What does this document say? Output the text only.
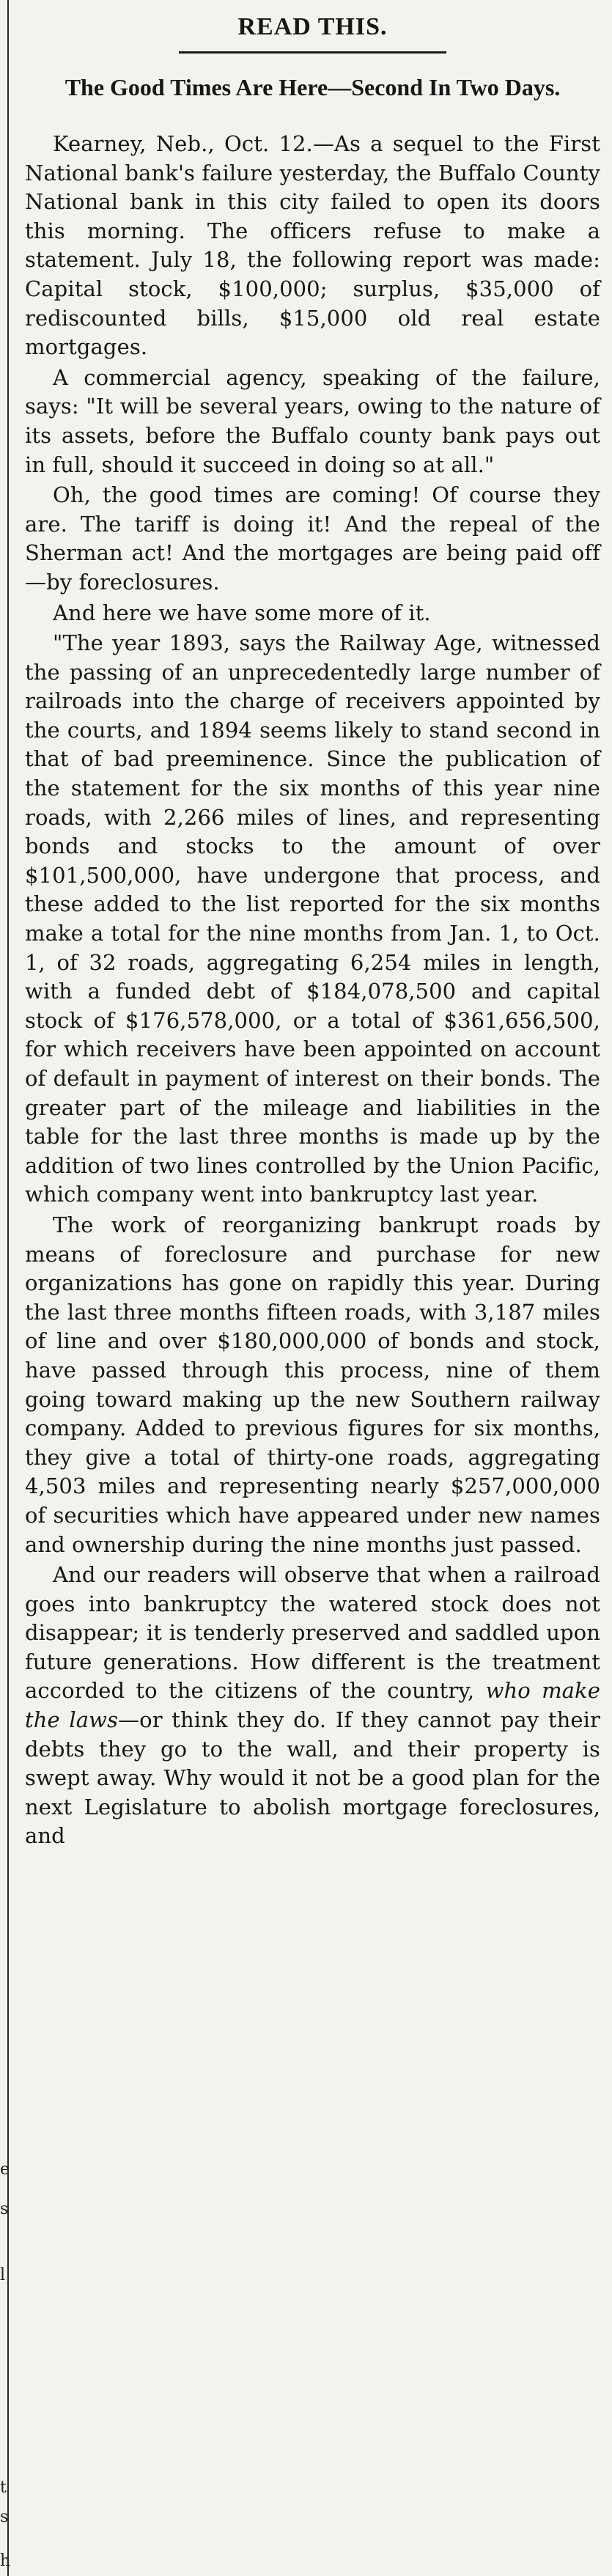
e
s
l
t
s
h
READ THIS.
The Good Times Are Here—Second In Two Days.

Kearney, Neb., Oct. 12.—As a sequel to the First National bank's failure yesterday, the Buffalo County National bank in this city failed to open its doors this morning. The officers refuse to make a statement. July 18, the following report was made: Capital stock, $100,000; surplus, $35,000 of rediscounted bills, $15,000 old real estate mortgages.

A commercial agency, speaking of the failure, says: "It will be several years, owing to the nature of its assets, before the Buffalo county bank pays out in full, should it succeed in doing so at all."

Oh, the good times are coming! Of course they are. The tariff is doing it! And the repeal of the Sherman act! And the mortgages are being paid off—by foreclosures.

And here we have some more of it.

"The year 1893, says the Railway Age, witnessed the passing of an unprecedentedly large number of railroads into the charge of receivers appointed by the courts, and 1894 seems likely to stand second in that of bad preeminence. Since the publication of the statement for the six months of this year nine roads, with 2,266 miles of lines, and representing bonds and stocks to the amount of over $101,500,000, have undergone that process, and these added to the list reported for the six months make a total for the nine months from Jan. 1, to Oct. 1, of 32 roads, aggregating 6,254 miles in length, with a funded debt of $184,078,500 and capital stock of $176,578,000, or a total of $361,656,500, for which receivers have been appointed on account of default in payment of interest on their bonds. The greater part of the mileage and liabilities in the table for the last three months is made up by the addition of two lines controlled by the Union Pacific, which company went into bankruptcy last year.

The work of reorganizing bankrupt roads by means of foreclosure and purchase for new organizations has gone on rapidly this year. During the last three months fifteen roads, with 3,187 miles of line and over $180,000,000 of bonds and stock, have passed through this process, nine of them going toward making up the new Southern railway company. Added to previous figures for six months, they give a total of thirty-one roads, aggregating 4,503 miles and representing nearly $257,000,000 of securities which have appeared under new names and ownership during the nine months just passed.

And our readers will observe that when a railroad goes into bankruptcy the watered stock does not disappear; it is tenderly preserved and saddled upon future generations. How different is the treatment accorded to the citizens of the country, who make the laws—or think they do. If they cannot pay their debts they go to the wall, and their property is swept away. Why would it not be a good plan for the next Legislature to abolish mortgage foreclosures, and
